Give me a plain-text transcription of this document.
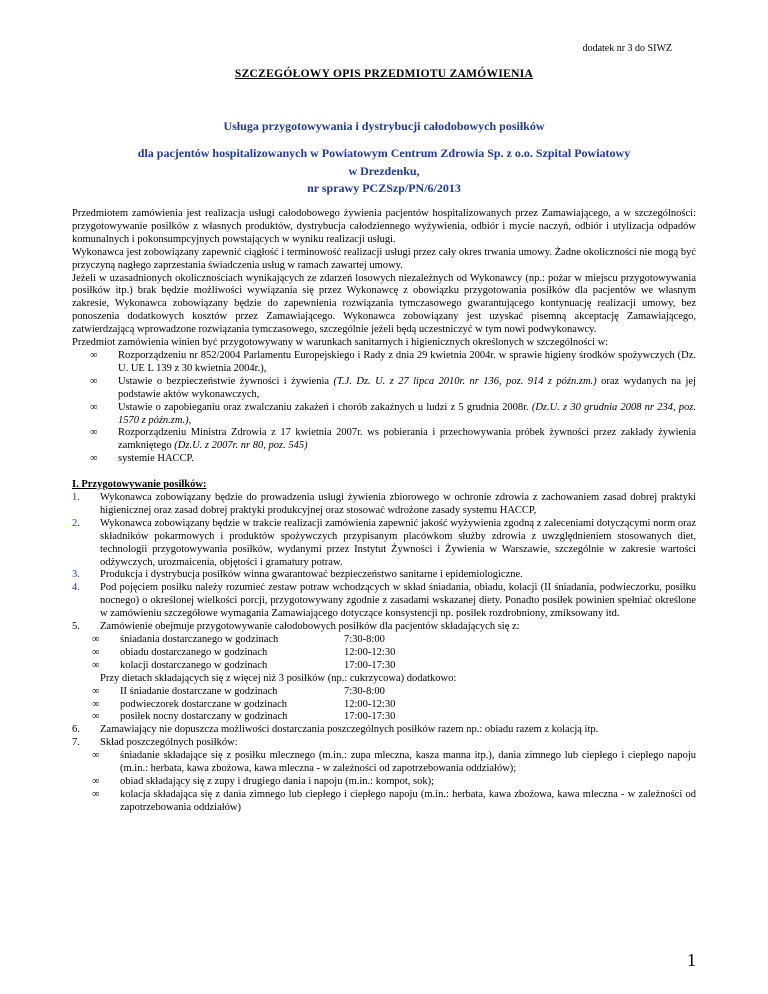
dodatek nr 3 do SIWZ
SZCZEGÓŁOWY OPIS PRZEDMIOTU ZAMÓWIENIA
Usługa przygotowywania i dystrybucji całodobowych posiłków
dla pacjentów hospitalizowanych w Powiatowym Centrum Zdrowia Sp. z o.o. Szpital Powiatowy
w Drezdenku,
nr sprawy PCZSzp/PN/6/2013

Przedmiotem zamówienia jest realizacja usługi całodobowego żywienia pacjentów hospitalizowanych przez Zamawiającego, a w szczególności: przygotowywanie posiłków z własnych produktów, dystrybucja całodziennego wyżywienia, odbiór i mycie naczyń, odbiór i utylizacja odpadów komunalnych i pokonsumpcyjnych powstających w wyniku realizacji usługi.

Wykonawca jest zobowiązany zapewnić ciągłość i terminowość realizacji usługi przez cały okres trwania umowy. Żadne okoliczności nie mogą być przyczyną nagłego zaprzestania świadczenia usług w ramach zawartej umowy.

Jeżeli w uzasadnionych okolicznościach wynikających ze zdarzeń losowych niezależnych od Wykonawcy (np.: pożar w miejscu przygotowywania posiłków itp.) brak będzie możliwości wywiązania się przez Wykonawcę z obowiązku przygotowania posiłków dla pacjentów we własnym zakresie, Wykonawca zobowiązany będzie do zapewnienia rozwiązania tymczasowego gwarantującego kontynuację realizacji umowy, bez ponoszenia dodatkowych kosztów przez Zamawiającego. Wykonawca zobowiązany jest uzyskać pisemną akceptację Zamawiającego, zatwierdzającą wprowadzone rozwiązania tymczasowego, szczególnie jeżeli będą uczestniczyć w tym nowi podwykonawcy.

Przedmiot zamówienia winien być przygotowywany w warunkach sanitarnych i higienicznych określonych w szczególności w:

∞ Rozporządzeniu nr 852/2004 Parlamentu Europejskiego i Rady z dnia 29 kwietnia 2004r. w sprawie higieny środków spożywczych (Dz. U. UE L 139 z 30 kwietnia 2004r.),
∞ Ustawie o bezpieczeństwie żywności i żywienia (T.J. Dz. U. z 27 lipca 2010r. nr 136, poz. 914 z późn.zm.) oraz wydanych na jej podstawie aktów wykonawczych,
∞ Ustawie o zapobieganiu oraz zwalczaniu zakażeń i chorób zakaźnych u ludzi z 5 grudnia 2008r. (Dz.U. z 30 grudnia 2008 nr 234, poz. 1570 z późn.zm.),
∞ Rozporządzeniu Ministra Zdrowia z 17 kwietnia 2007r. ws pobierania i przechowywania próbek żywności przez zakłady żywienia zamkniętego (Dz.U. z 2007r. nr 80, poz. 545)
∞ systemie HACCP.

I. Przygotowywanie posiłków:

1. Wykonawca zobowiązany będzie do prowadzenia usługi żywienia zbiorowego w ochronie zdrowia z zachowaniem zasad dobrej praktyki higienicznej oraz zasad dobrej praktyki produkcyjnej oraz stosować wdrożone zasady systemu HACCP,
2. Wykonawca zobowiązany będzie w trakcie realizacji zamówienia zapewnić jakość wyżywienia zgodną z zaleceniami dotyczącymi norm oraz składników pokarmowych i produktów spożywczych przypisanym placówkom służby zdrowia z uwzględnieniem stosowanych diet, technologii przygotowywania posiłków, wydanymi przez Instytut Żywności i Żywienia w Warszawie, szczególnie w zakresie wartości odżywczych, urozmaicenia, objętości i gramatury potraw.
3. Produkcja i dystrybucja posiłków winna gwarantować bezpieczeństwo sanitarne i epidemiologiczne.
4. Pod pojęciem posiłku należy rozumieć zestaw potraw wchodzących w skład śniadania, obiadu, kolacji (II śniadania, podwieczorku, posiłku nocnego) o określonej wielkości porcji, przygotowywany zgodnie z zasadami wskazanej diety. Ponadto posiłek powinien spełniać określone w zamówieniu szczegółowe wymagania Zamawiającego dotyczące konsystencji np. posiłek rozdrobniony, zmiksowany itd.
5. Zamówienie obejmuje przygotowywanie całodobowych posiłków dla pacjentów składających się z:
∞ śniadania dostarczanego w godzinach	7:30-8:00
∞ obiadu dostarczanego w godzinach	12:00-12:30
∞ kolacji dostarczanego w godzinach	17:00-17:30
Przy dietach składających się z więcej niż 3 posiłków (np.: cukrzycowa) dodatkowo:
∞ II śniadanie dostarczane w godzinach	7:30-8:00
∞ podwieczorek dostarczane w godzinach	12:00-12:30
∞ posiłek nocny dostarczany w godzinach	17:00-17:30
6. Zamawiający nie dopuszcza możliwości dostarczania poszczególnych posiłków razem np.: obiadu razem z kolacją itp.
7. Skład poszczególnych posiłków:
∞ śniadanie składające się z posiłku mlecznego (m.in.: zupa mleczna, kasza manna itp.), dania zimnego lub ciepłego i ciepłego napoju (m.in.: herbata, kawa zbożowa, kawa mleczna - w zależności od zapotrzebowania oddziałów);
∞ obiad składający się z zupy i drugiego dania i napoju (m.in.: kompot, sok);
∞ kolacja składająca się z dania zimnego lub ciepłego i ciepłego napoju (m.in.: herbata, kawa zbożowa, kawa mleczna - w zależności od zapotrzebowania oddziałów)
1
